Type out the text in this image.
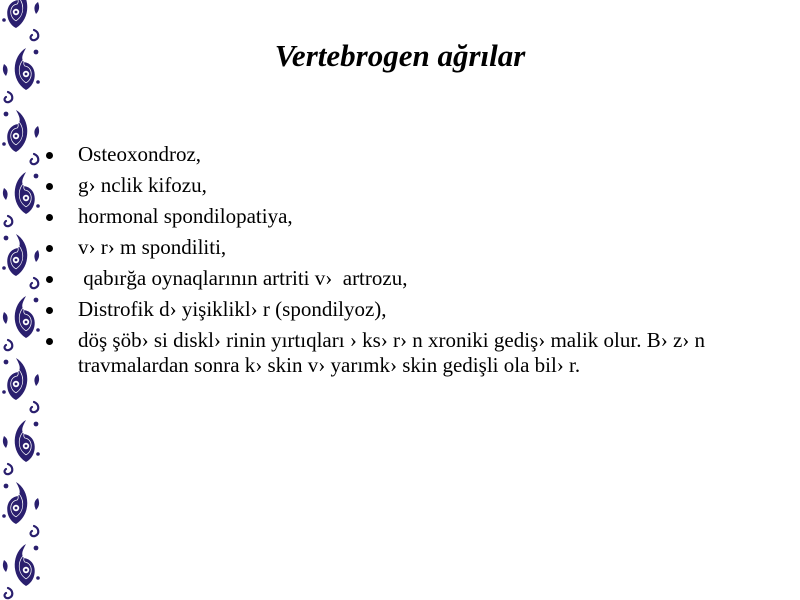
Vertebrogen ağrılar
Osteoxondroz,
g› nclik kifozu,
hormonal spondilopatiya,
v› r› m spondiliti,
qabırğa oynaqlarının artriti v›  artrozu,
Distrofik d› yişiklikl› r (spondilyoz),
döş şöb› si diskl› rinin yırtıqları › ks› r› n xroniki gediş› malik olur. B› z› n travmalardan sonra k› skin v› yarımk› skin gedişli ola bil› r.
